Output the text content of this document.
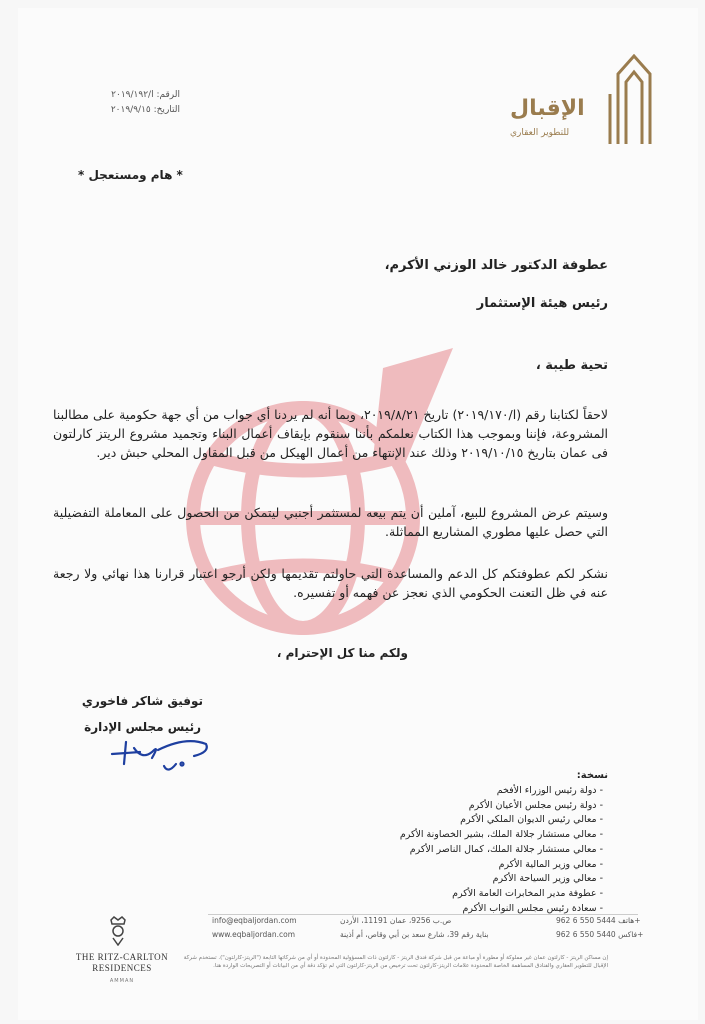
الرقم: ا/٢٠١٩/١٩٢
التاريخ: ٢٠١٩/٩/١٥	الإقبال
للتطوير العقاري
* هام ومستعجل *
عطوفة الدكتور خالد الوزني الأكرم،
رئيس هيئة الإستثمار
تحية طيبة ،
لاحقاً لكتابنا رقم (ا/٢٠١٩/١٧٠) تاريخ ٢٠١٩/٨/٢١، وبما أنه لم يردنا أي جواب من أي جهة حكومية على مطالبنا المشروعة، فإننا وبموجب هذا الكتاب نعلمكم بأننا سنقوم بإيقاف أعمال البناء وتجميد مشروع الريتز كارلتون فى عمان بتاريخ ٢٠١٩/١٠/١٥ وذلك عند الإنتهاء من أعمال الهيكل من قبل المقاول المحلي حبش دير.
وسيتم عرض المشروع للبيع، آملين أن يتم بيعه لمستثمر أجنبي ليتمكن من الحصول على المعاملة التفضيلية التي حصل عليها مطوري المشاريع المماثلة.
نشكر لكم عطوفتكم كل الدعم والمساعدة التي حاولتم تقديمها ولكن أرجو اعتبار قرارنا هذا نهائي ولا رجعة عنه في ظل التعنت الحكومي الذي نعجز عن فهمه أو تفسيره.
ولكم منا كل الإحترام ،
توفيق شاكر فاخوري
رئيس مجلس الإدارة
نسخة:
- دولة رئيس الوزراء الأفخم
- دولة رئيس مجلس الأعيان الأكرم
- معالي رئيس الديوان الملكي الأكرم
- معالي مستشار جلالة الملك، بشير الخصاونة الأكرم
- معالي مستشار جلالة الملك، كمال الناصر الأكرم
- معالي وزير المالية الأكرم
- معالي وزير السياحة الأكرم
- عطوفة مدير المخابرات العامة الأكرم
- سعادة رئيس مجلس النواب الأكرم
THE RITZ-CARLTON
RESIDENCES
AMMAN
info@eqbaljordan.com
www.eqbaljordan.com
ص.ب 9256، عمان 11191، الأردن
بناية رقم 39، شارع سعد بن أبي وقاص، أم أذينة
هاتف 5444 550 6 962+
فاكس 5440 550 6 962+
إن مساكن الريتز - كارلتون عمان غير مملوكة أو مطورة أو مباعة من قبل شركة فندق الريتز - كارلتون ذات المسؤولية المحدودة أو أي من شركاتها التابعة ("الريتز-كارلتون"). تستخدم شركة الإقبال للتطوير العقاري والفنادق المساهمة الخاصة المحدودة علامات الريتز-كارلتون تحت ترخيص من الريتز-كارلتون التي لم تؤكد دقة أي من البيانات أو التصريحات الواردة هنا.
